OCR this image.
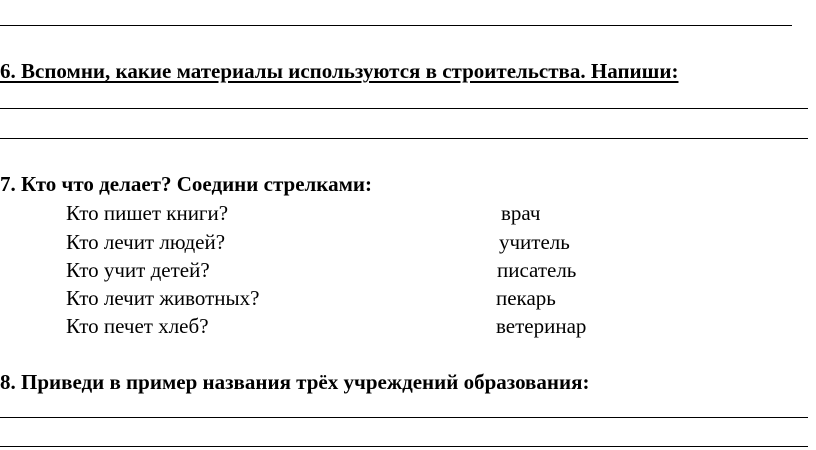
6. Вспомни, какие материалы используются в строительства. Напиши:
7. Кто что делает? Соедини стрелками:
Кто пишет книги?
Кто лечит людей?
Кто учит детей?
Кто лечит животных?
Кто печет хлеб?
врач
учитель
писатель
пекарь
ветеринар
8. Приведи в пример названия трёх учреждений образования:
